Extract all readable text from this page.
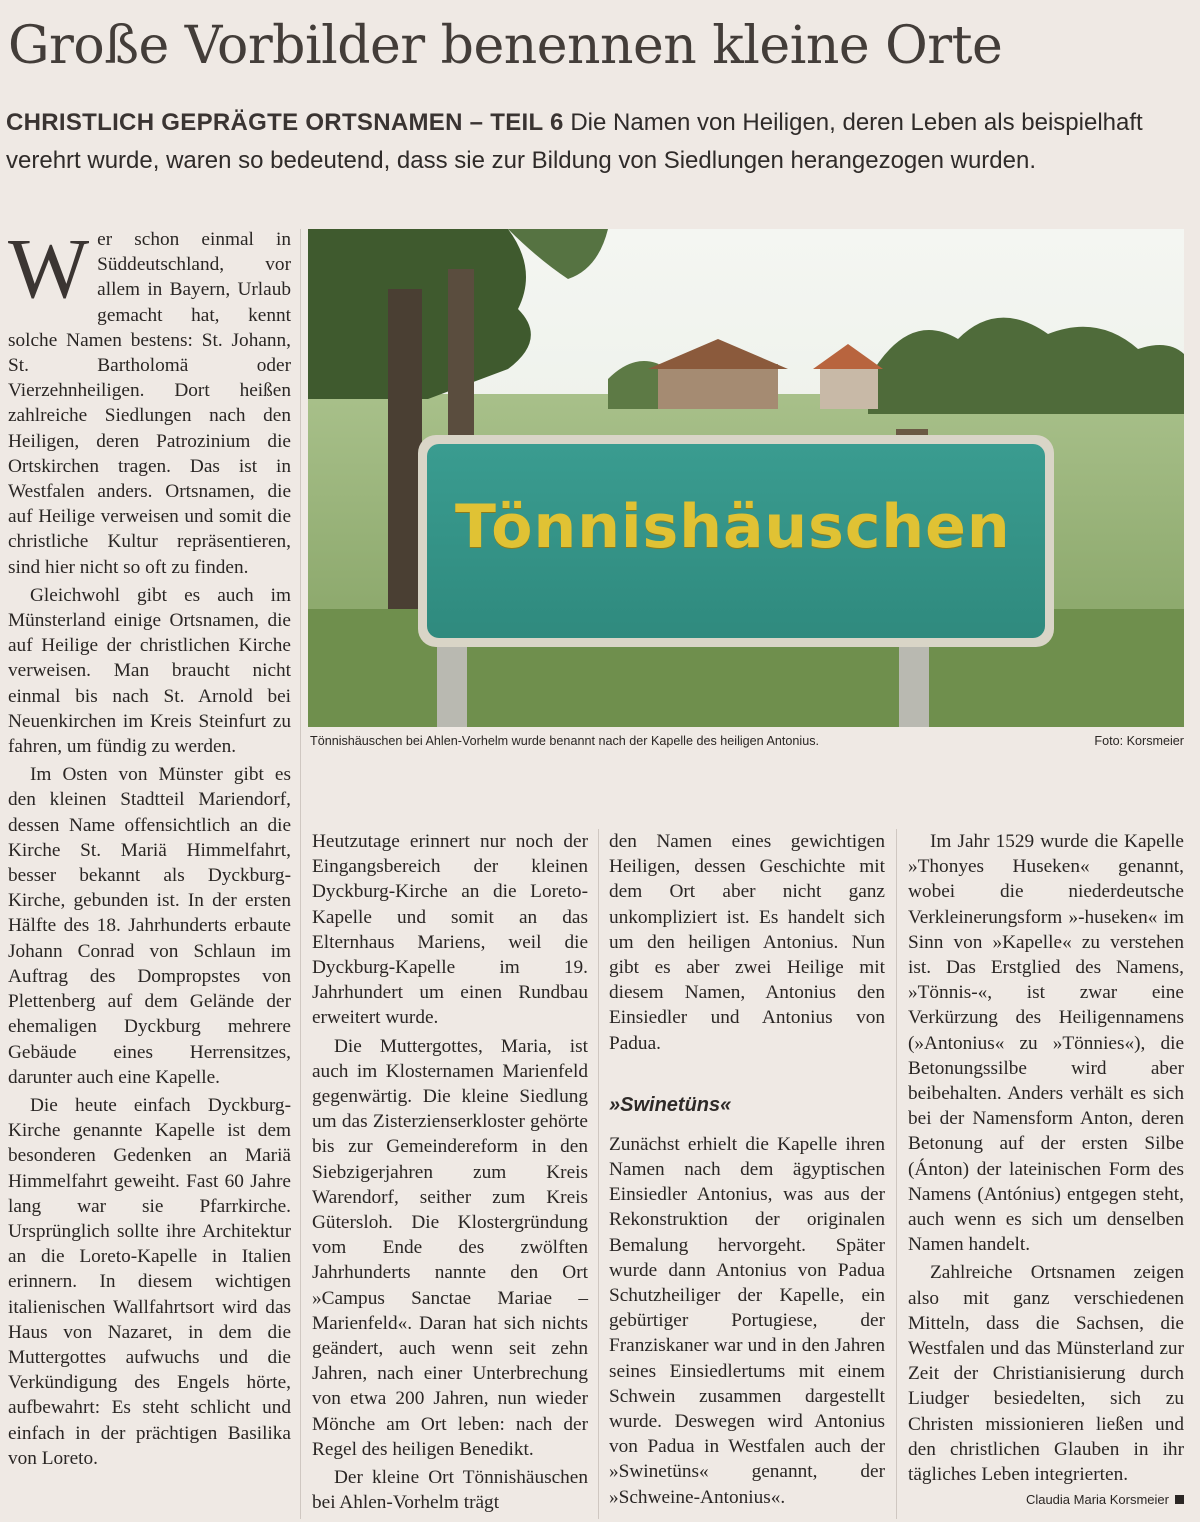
Große Vorbilder benennen kleine Orte
CHRISTLICH GEPRÄGTE ORTSNAMEN – TEIL 6 Die Namen von Heiligen, deren Leben als beispielhaft verehrt wurde, waren so bedeutend, dass sie zur Bildung von Siedlungen herangezogen wurden.

Wer schon einmal in Süddeutschland, vor allem in Bayern, Urlaub gemacht hat, kennt solche Namen bestens: St. Johann, St. Bartholomä oder Vierzehnheiligen. Dort heißen zahlreiche Siedlungen nach den Heiligen, deren Patrozinium die Ortskirchen tragen. Das ist in Westfalen anders. Ortsnamen, die auf Heilige verweisen und somit die christliche Kultur repräsentieren, sind hier nicht so oft zu finden.

Gleichwohl gibt es auch im Münsterland einige Ortsnamen, die auf Heilige der christlichen Kirche verweisen. Man braucht nicht einmal bis nach St. Arnold bei Neuenkirchen im Kreis Steinfurt zu fahren, um fündig zu werden.

Im Osten von Münster gibt es den kleinen Stadtteil Mariendorf, dessen Name offensichtlich an die Kirche St. Mariä Himmelfahrt, besser bekannt als Dyckburg-Kirche, gebunden ist. In der ersten Hälfte des 18. Jahrhunderts erbaute Johann Conrad von Schlaun im Auftrag des Dompropstes von Plettenberg auf dem Gelände der ehemaligen Dyckburg mehrere Gebäude eines Herrensitzes, darunter auch eine Kapelle.

Die heute einfach Dyckburg-Kirche genannte Kapelle ist dem besonderen Gedenken an Mariä Himmelfahrt geweiht. Fast 60 Jahre lang war sie Pfarrkirche. Ursprünglich sollte ihre Architektur an die Loreto-Kapelle in Italien erinnern. In diesem wichtigen italienischen Wallfahrtsort wird das Haus von Nazaret, in dem die Muttergottes aufwuchs und die Verkündigung des Engels hörte, aufbewahrt: Es steht schlicht und einfach in der prächtigen Basilika von Loreto.

Tönnishäuschen
Tönnishäuschen bei Ahlen-Vorhelm wurde benannt nach der Kapelle des heiligen Antonius.	Foto: Korsmeier

Heutzutage erinnert nur noch der Eingangsbereich der kleinen Dyckburg-Kirche an die Loreto-Kapelle und somit an das Elternhaus Mariens, weil die Dyckburg-Kapelle im 19. Jahrhundert um einen Rundbau erweitert wurde.

Die Muttergottes, Maria, ist auch im Klosternamen Marienfeld gegenwärtig. Die kleine Siedlung um das Zisterzienserkloster gehörte bis zur Gemeindereform in den Siebzigerjahren zum Kreis Warendorf, seither zum Kreis Gütersloh. Die Klostergründung vom Ende des zwölften Jahrhunderts nannte den Ort »Campus Sanctae Mariae – Marienfeld«. Daran hat sich nichts geändert, auch wenn seit zehn Jahren, nach einer Unterbrechung von etwa 200 Jahren, nun wieder Mönche am Ort leben: nach der Regel des heiligen Benedikt.

Der kleine Ort Tönnishäuschen bei Ahlen-Vorhelm trägt

den Namen eines gewichtigen Heiligen, dessen Geschichte mit dem Ort aber nicht ganz unkompliziert ist. Es handelt sich um den heiligen Antonius. Nun gibt es aber zwei Heilige mit diesem Namen, Antonius den Einsiedler und Antonius von Padua.

»Swinetüns«

Zunächst erhielt die Kapelle ihren Namen nach dem ägyptischen Einsiedler Antonius, was aus der Rekonstruktion der originalen Bemalung hervorgeht. Später wurde dann Antonius von Padua Schutzheiliger der Kapelle, ein gebürtiger Portugiese, der Franziskaner war und in den Jahren seines Einsiedlertums mit einem Schwein zusammen dargestellt wurde. Deswegen wird Antonius von Padua in Westfalen auch der »Swinetüns« genannt, der »Schweine-Antonius«.

Im Jahr 1529 wurde die Kapelle »Thonyes Huseken« genannt, wobei die niederdeutsche Verkleinerungsform »-huseken« im Sinn von »Kapelle« zu verstehen ist. Das Erstglied des Namens, »Tönnis-«, ist zwar eine Verkürzung des Heiligennamens (»Antonius« zu »Tönnies«), die Betonungssilbe wird aber beibehalten. Anders verhält es sich bei der Namensform Anton, deren Betonung auf der ersten Silbe (Ánton) der lateinischen Form des Namens (Antónius) entgegen steht, auch wenn es sich um denselben Namen handelt.

Zahlreiche Ortsnamen zeigen also mit ganz verschiedenen Mitteln, dass die Sachsen, die Westfalen und das Münsterland zur Zeit der Christianisierung durch Liudger besiedelten, sich zu Christen missionieren ließen und den christlichen Glauben in ihr tägliches Leben integrierten.

Claudia Maria Korsmeier
